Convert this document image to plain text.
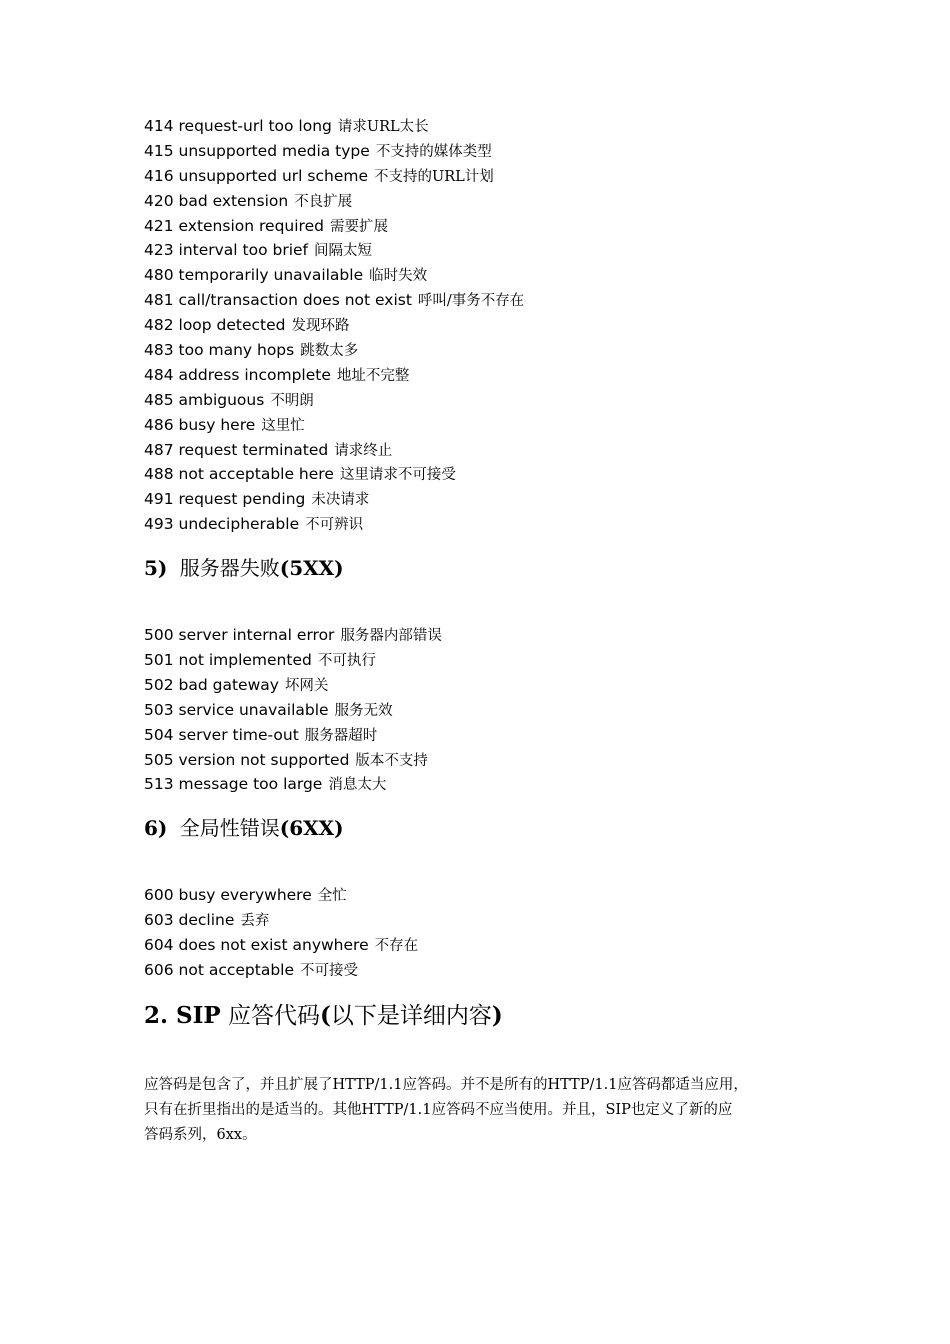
414 request-url too long 请求URL太长
415 unsupported media type 不支持的媒体类型
416 unsupported url scheme 不支持的URL计划
420 bad extension 不良扩展
421 extension required 需要扩展
423 interval too brief 间隔太短
480 temporarily unavailable 临时失效
481 call/transaction does not exist 呼叫/事务不存在
482 loop detected 发现环路
483 too many hops 跳数太多
484 address incomplete 地址不完整
485 ambiguous 不明朗
486 busy here 这里忙
487 request terminated 请求终止
488 not acceptable here 这里请求不可接受
491 request pending 未决请求
493 undecipherable 不可辨识
5) 服务器失败(5XX)
500 server internal error 服务器内部错误
501 not implemented 不可执行
502 bad gateway 坏网关
503 service unavailable 服务无效
504 server time-out 服务器超时
505 version not supported 版本不支持
513 message too large 消息太大
6) 全局性错误(6XX)
600 busy everywhere 全忙
603 decline 丢弃
604 does not exist anywhere 不存在
606 not acceptable 不可接受
2. SIP 应答代码(以下是详细内容)
应答码是包含了，并且扩展了HTTP/1.1应答码。并不是所有的HTTP/1.1应答码都适当应用，
只有在折里指出的是适当的。其他HTTP/1.1应答码不应当使用。并且，SIP也定义了新的应
答码系列，6xx。
